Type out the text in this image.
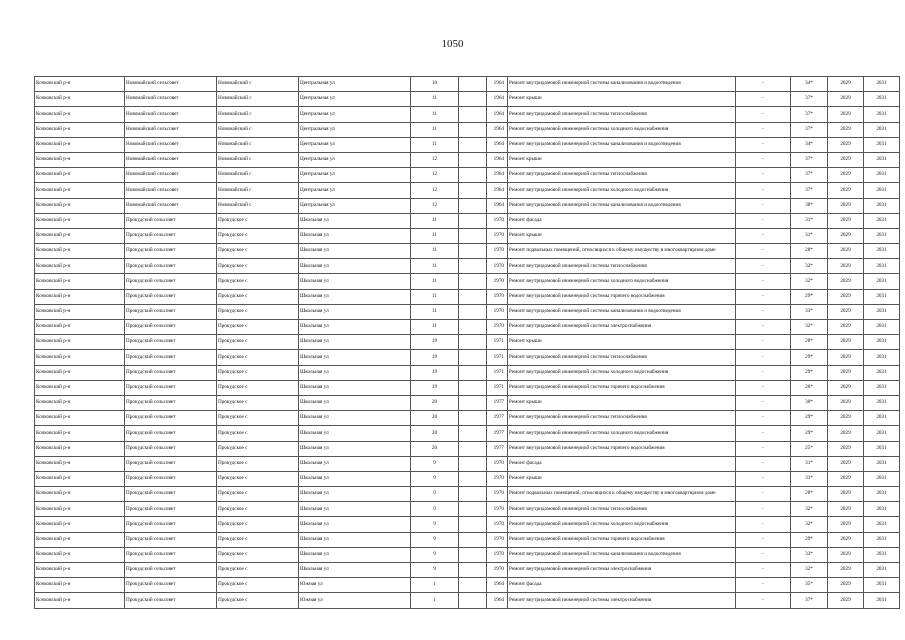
1050
Кочковский р-н	Новомайский сельсовет	Новомайский с	Центральная ул	10		1964	Ремонт внутридомовой инженерной системы канализования и водоотведения	-	34*	2029	2031
Кочковский р-н	Новомайский сельсовет	Новомайский с	Центральная ул	11		1964	Ремонт крыши	-	37*	2029	2031
Кочковский р-н	Новомайский сельсовет	Новомайский с	Центральная ул	11		1964	Ремонт внутридомовой инженерной системы теплоснабжения	-	37*	2029	2031
Кочковский р-н	Новомайский сельсовет	Новомайский с	Центральная ул	11		1964	Ремонт внутридомовой инженерной системы холодного водоснабжения	-	37*	2029	2031
Кочковский р-н	Новомайский сельсовет	Новомайский с	Центральная ул	11		1964	Ремонт внутридомовой инженерной системы канализования и водоотведения	-	34*	2029	2031
Кочковский р-н	Новомайский сельсовет	Новомайский с	Центральная ул	12		1964	Ремонт крыши	-	37*	2029	2031
Кочковский р-н	Новомайский сельсовет	Новомайский с	Центральная ул	12		1964	Ремонт внутридомовой инженерной системы теплоснабжения	-	37*	2029	2031
Кочковский р-н	Новомайский сельсовет	Новомайский с	Центральная ул	12		1964	Ремонт внутридомовой инженерной системы холодного водоснабжения	-	37*	2029	2031
Кочковский р-н	Новомайский сельсовет	Новомайский с	Центральная ул	12		1964	Ремонт внутридомовой инженерной системы канализования и водоотведения	-	38*	2029	2031
Кочковский р-н	Прокудский сельсовет	Прокудское с	Школьная ул	11		1970	Ремонт фасада	-	31*	2029	2031
Кочковский р-н	Прокудский сельсовет	Прокудское с	Школьная ул	11		1970	Ремонт крыши	-	31*	2029	2031
Кочковский р-н	Прокудский сельсовет	Прокудское с	Школьная ул	11		1970	Ремонт подвальных помещений, относящихся к общему имуществу в многоквартирном доме	-	28*	2029	2031
Кочковский р-н	Прокудский сельсовет	Прокудское с	Школьная ул	11		1970	Ремонт внутридомовой инженерной системы теплоснабжения	-	32*	2029	2031
Кочковский р-н	Прокудский сельсовет	Прокудское с	Школьная ул	11		1970	Ремонт внутридомовой инженерной системы холодного водоснабжения	-	32*	2029	2031
Кочковский р-н	Прокудский сельсовет	Прокудское с	Школьная ул	11		1970	Ремонт внутридомовой инженерной системы горячего водоснабжения	-	29*	2029	2031
Кочковский р-н	Прокудский сельсовет	Прокудское с	Школьная ул	11		1970	Ремонт внутридомовой инженерной системы канализования и водоотведения	-	33*	2029	2031
Кочковский р-н	Прокудский сельсовет	Прокудское с	Школьная ул	11		1970	Ремонт внутридомовой инженерной системы электроснабжения	-	32*	2029	2031
Кочковский р-н	Прокудский сельсовет	Прокудское с	Школьная ул	19		1971	Ремонт крыши	-	28*	2029	2031
Кочковский р-н	Прокудский сельсовет	Прокудское с	Школьная ул	19		1971	Ремонт внутридомовой инженерной системы теплоснабжения	-	29*	2029	2031
Кочковский р-н	Прокудский сельсовет	Прокудское с	Школьная ул	19		1971	Ремонт внутридомовой инженерной системы холодного водоснабжения	-	29*	2029	2031
Кочковский р-н	Прокудский сельсовет	Прокудское с	Школьная ул	19		1971	Ремонт внутридомовой инженерной системы горячего водоснабжения	-	26*	2029	2031
Кочковский р-н	Прокудский сельсовет	Прокудское с	Школьная ул	20		1977	Ремонт крыши	-	30*	2029	2031
Кочковский р-н	Прокудский сельсовет	Прокудское с	Школьная ул	20		1977	Ремонт внутридомовой инженерной системы теплоснабжения	-	29*	2029	2031
Кочковский р-н	Прокудский сельсовет	Прокудское с	Школьная ул	20		1977	Ремонт внутридомовой инженерной системы холодного водоснабжения	-	29*	2029	2031
Кочковский р-н	Прокудский сельсовет	Прокудское с	Школьная ул	20		1977	Ремонт внутридомовой инженерной системы горячего водоснабжения	-	25*	2029	2031
Кочковский р-н	Прокудский сельсовет	Прокудское с	Школьная ул	9		1970	Ремонт фасада	-	31*	2029	2031
Кочковский р-н	Прокудский сельсовет	Прокудское с	Школьная ул	9		1970	Ремонт крыши	-	31*	2029	2031
Кочковский р-н	Прокудский сельсовет	Прокудское с	Школьная ул	9		1970	Ремонт подвальных помещений, относящихся к общему имуществу в многоквартирном доме	-	28*	2029	2031
Кочковский р-н	Прокудский сельсовет	Прокудское с	Школьная ул	9		1970	Ремонт внутридомовой инженерной системы теплоснабжения	-	32*	2029	2031
Кочковский р-н	Прокудский сельсовет	Прокудское с	Школьная ул	9		1970	Ремонт внутридомовой инженерной системы холодного водоснабжения	-	32*	2029	2031
Кочковский р-н	Прокудский сельсовет	Прокудское с	Школьная ул	9		1970	Ремонт внутридомовой инженерной системы горячего водоснабжения	-	29*	2029	2031
Кочковский р-н	Прокудский сельсовет	Прокудское с	Школьная ул	9		1970	Ремонт внутридомовой инженерной системы канализования и водоотведения	-	33*	2029	2031
Кочковский р-н	Прокудский сельсовет	Прокудское с	Школьная ул	9		1970	Ремонт внутридомовой инженерной системы электроснабжения	-	32*	2029	2031
Кочковский р-н	Прокудский сельсовет	Прокудское с	Южная ул	1		1964	Ремонт фасада	-	35*	2029	2031
Кочковский р-н	Прокудский сельсовет	Прокудское с	Южная ул	1		1964	Ремонт внутридомовой инженерной системы электроснабжения	-	37*	2029	2031
